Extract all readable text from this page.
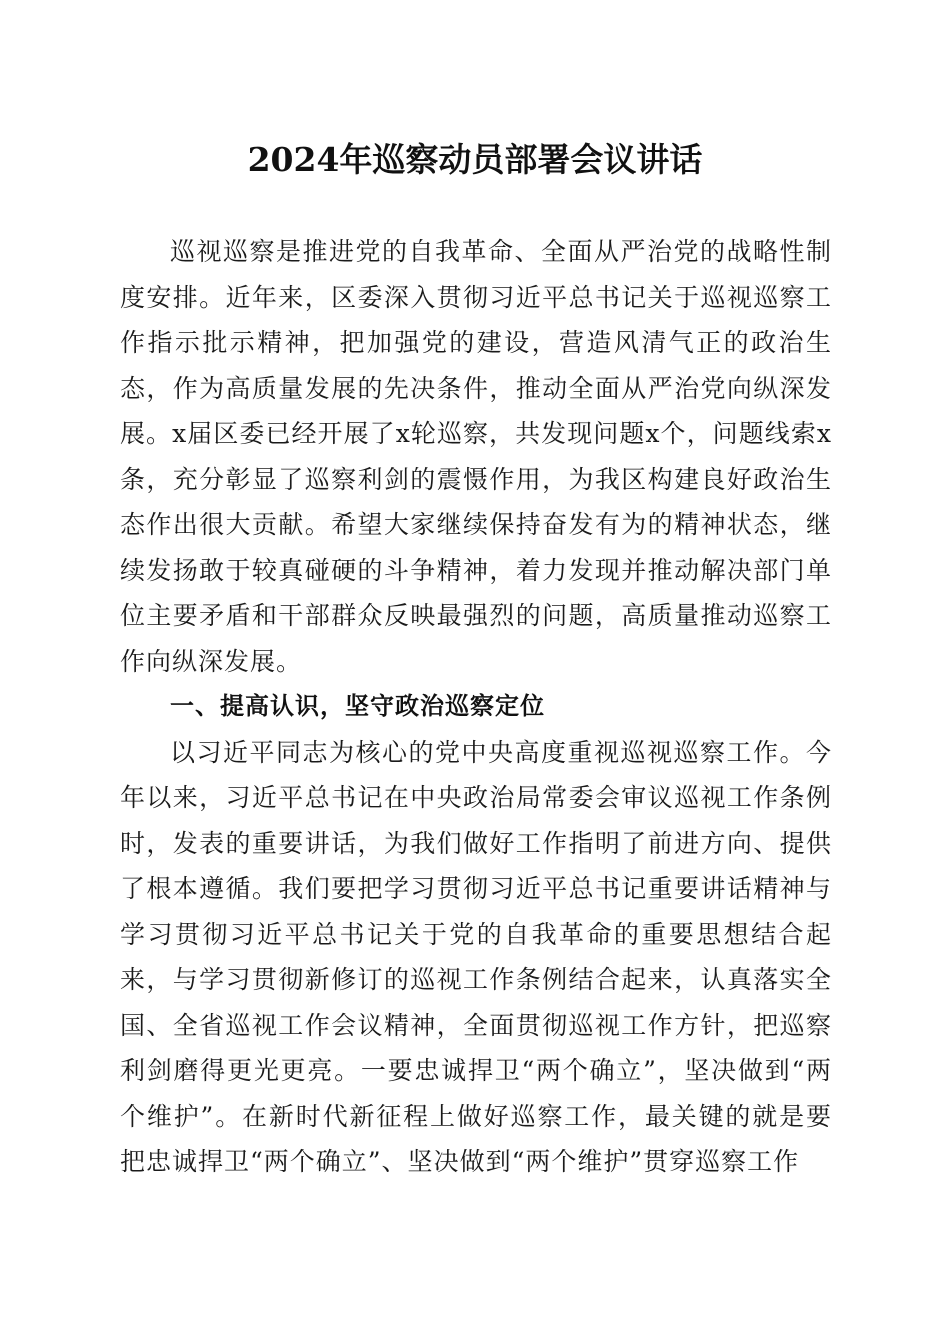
2024年巡察动员部署会议讲话

巡视巡察是推进党的自我革命、全面从严治党的战略性制度安排。近年来，区委深入贯彻习近平总书记关于巡视巡察工作指示批示精神，把加强党的建设，营造风清气正的政治生态，作为高质量发展的先决条件，推动全面从严治党向纵深发展。x届区委已经开展了x轮巡察，共发现问题x个，问题线索x条，充分彰显了巡察利剑的震慑作用，为我区构建良好政治生态作出很大贡献。希望大家继续保持奋发有为的精神状态，继续发扬敢于较真碰硬的斗争精神，着力发现并推动解决部门单位主要矛盾和干部群众反映最强烈的问题，高质量推动巡察工作向纵深发展。

一、提高认识，坚守政治巡察定位

以习近平同志为核心的党中央高度重视巡视巡察工作。今年以来，习近平总书记在中央政治局常委会审议巡视工作条例时，发表的重要讲话，为我们做好工作指明了前进方向、提供了根本遵循。我们要把学习贯彻习近平总书记重要讲话精神与学习贯彻习近平总书记关于党的自我革命的重要思想结合起来，与学习贯彻新修订的巡视工作条例结合起来，认真落实全国、全省巡视工作会议精神，全面贯彻巡视工作方针，把巡察利剑磨得更光更亮。一要忠诚捍卫“两个确立”，坚决做到“两个维护”。在新时代新征程上做好巡察工作，最关键的就是要把忠诚捍卫“两个确立”、坚决做到“两个维护”贯穿巡察工作
